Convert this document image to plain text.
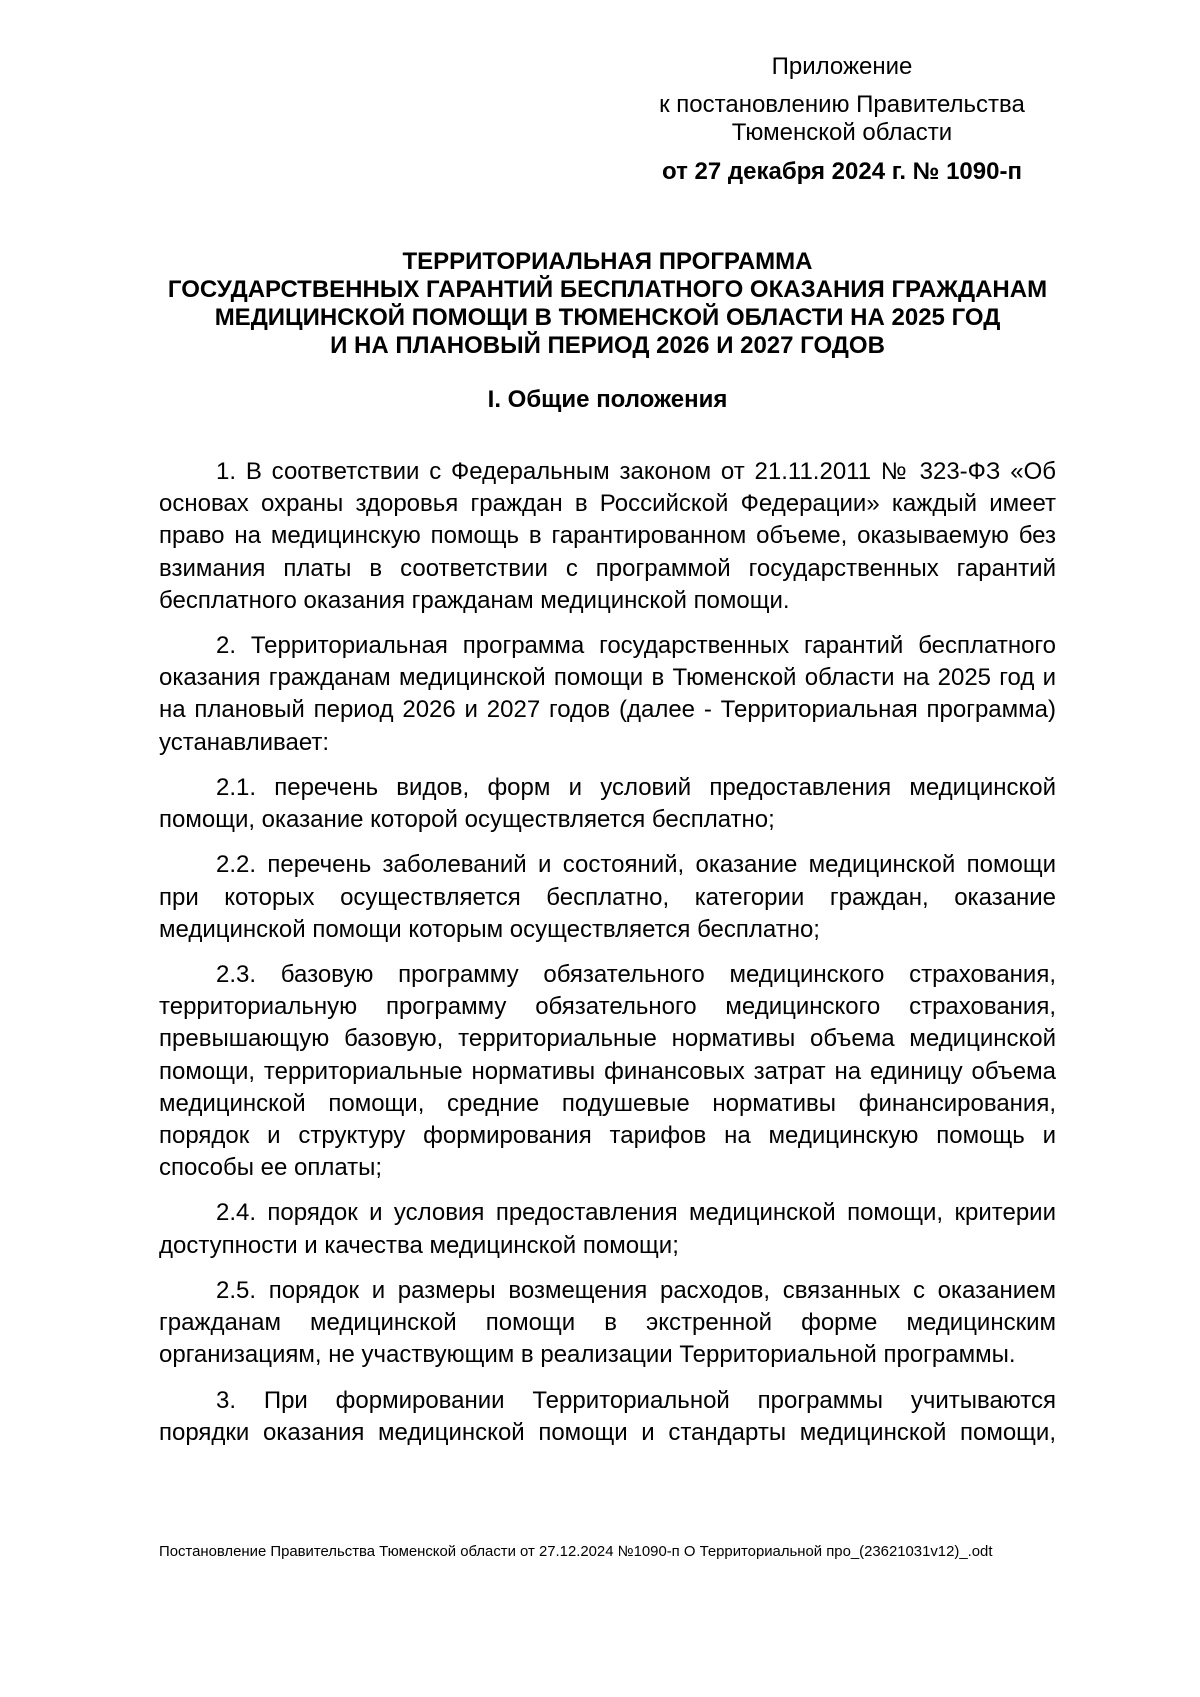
Приложение
к постановлению Правительства
Тюменской области
от 27 декабря 2024 г. № 1090-п
ТЕРРИТОРИАЛЬНАЯ ПРОГРАММА
ГОСУДАРСТВЕННЫХ ГАРАНТИЙ БЕСПЛАТНОГО ОКАЗАНИЯ ГРАЖДАНАМ
МЕДИЦИНСКОЙ ПОМОЩИ В ТЮМЕНСКОЙ ОБЛАСТИ НА 2025 ГОД
И НА ПЛАНОВЫЙ ПЕРИОД 2026 И 2027 ГОДОВ
I. Общие положения
1. В соответствии с Федеральным законом от 21.11.2011 № 323-ФЗ «Об
основах охраны здоровья граждан в Российской Федерации» каждый имеет
право на медицинскую помощь в гарантированном объеме, оказываемую без
взимания платы в соответствии с программой государственных гарантий
бесплатного оказания гражданам медицинской помощи.
2. Территориальная программа государственных гарантий бесплатного
оказания гражданам медицинской помощи в Тюменской области на 2025 год и
на плановый период 2026 и 2027 годов (далее - Территориальная программа)
устанавливает:
2.1. перечень видов, форм и условий предоставления медицинской
помощи, оказание которой осуществляется бесплатно;
2.2. перечень заболеваний и состояний, оказание медицинской помощи
при которых осуществляется бесплатно, категории граждан, оказание
медицинской помощи которым осуществляется бесплатно;
2.3. базовую программу обязательного медицинского страхования,
территориальную программу обязательного медицинского страхования,
превышающую базовую, территориальные нормативы объема медицинской
помощи, территориальные нормативы финансовых затрат на единицу объема
медицинской помощи, средние подушевые нормативы финансирования,
порядок и структуру формирования тарифов на медицинскую помощь и
способы ее оплаты;
2.4. порядок и условия предоставления медицинской помощи, критерии
доступности и качества медицинской помощи;
2.5. порядок и размеры возмещения расходов, связанных с оказанием
гражданам медицинской помощи в экстренной форме медицинским
организациям, не участвующим в реализации Территориальной программы.
3. При формировании Территориальной программы учитываются
порядки оказания медицинской помощи и стандарты медицинской помощи,
Постановление Правительства Тюменской области от 27.12.2024 №1090-п О Территориальной про_(23621031v12)_.odt
